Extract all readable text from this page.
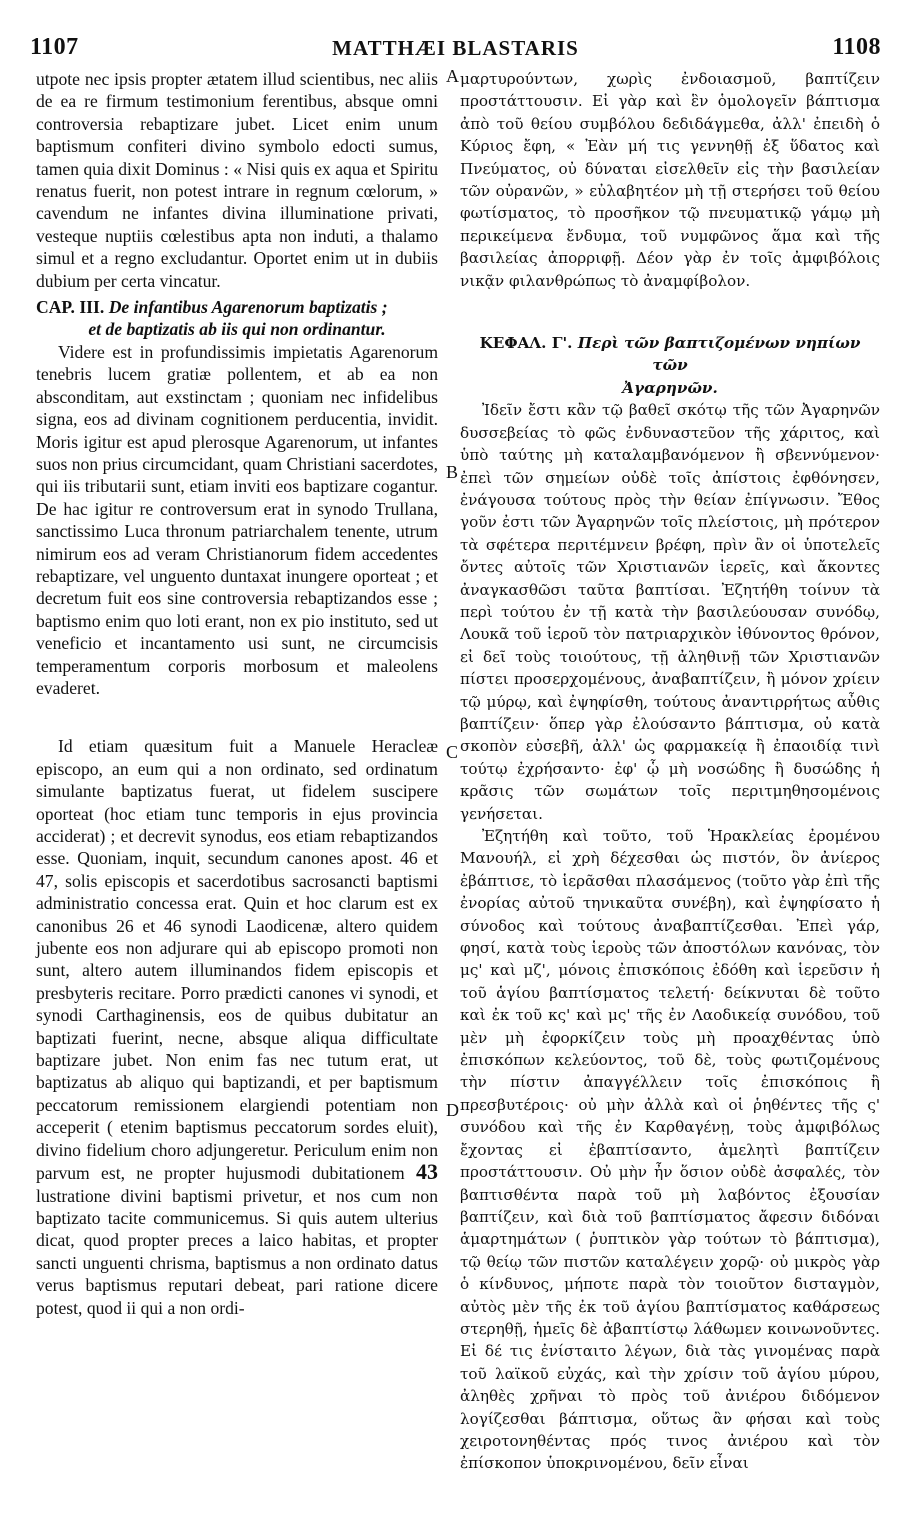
1107	MATTHÆI BLASTARIS	1108
A
B
C
D

utpote nec ipsis propter ætatem illud scientibus, nec aliis de ea re firmum testimonium ferentibus, absque omni controversia rebaptizare jubet. Licet enim unum baptismum confiteri divino symbolo edocti sumus, tamen quia dixit Dominus : « Nisi quis ex aqua et Spiritu renatus fuerit, non potest intrare in regnum cœlorum, » cavendum ne infantes divina illuminatione privati, vesteque nuptiis cœlestibus apta non induti, a thalamo simul et a regno excludantur. Oportet enim ut in dubiis dubium per certa vincatur.

CAP. III. De infantibus Agarenorum baptizatis ;
et de baptizatis ab iis qui non ordinantur.

Videre est in profundissimis impietatis Agarenorum tenebris lucem gratiæ pollentem, et ab ea non absconditam, aut exstinctam ; quoniam nec infidelibus signa, eos ad divinam cognitionem perducentia, invidit. Moris igitur est apud plerosque Agarenorum, ut infantes suos non prius circumcidant, quam Christiani sacerdotes, qui iis tributarii sunt, etiam inviti eos baptizare cogantur. De hac igitur re controversum erat in synodo Trullana, sanctissimo Luca thronum patriarchalem tenente, utrum nimirum eos ad veram Christianorum fidem accedentes rebaptizare, vel unguento duntaxat inungere oporteat ; et decretum fuit eos sine controversia rebaptizandos esse ; baptismo enim quo loti erant, non ex pio instituto, sed ut veneficio et incantamento usi sunt, ne circumcisis temperamentum corporis morbosum et maleolens evaderet.

Id etiam quæsitum fuit a Manuele Heracleæ episcopo, an eum qui a non ordinato, sed ordinatum simulante baptizatus fuerat, ut fidelem suscipere oporteat (hoc etiam tunc temporis in ejus provincia acciderat) ; et decrevit synodus, eos etiam rebaptizandos esse. Quoniam, inquit, secundum canones apost. 46 et 47, solis episcopis et sacerdotibus sacrosancti baptismi administratio concessa erat. Quin et hoc clarum est ex canonibus 26 et 46 synodi Laodicenæ, altero quidem jubente eos non adjurare qui ab episcopo promoti non sunt, altero autem illuminandos fidem episcopis et presbyteris recitare. Porro prædicti canones vi synodi, et synodi Carthaginensis, eos de quibus dubitatur an baptizati fuerint, necne, absque aliqua difficultate baptizare jubet. Non enim fas nec tutum erat, ut baptizatus ab aliquo qui baptizandi, et per baptismum peccatorum remissionem elargiendi potentiam non acceperit ( etenim baptismus peccatorum sordes eluit), divino fidelium choro adjungeretur. Periculum enim non parvum est, ne propter hujusmodi dubitationem 43 lustratione divini baptismi privetur, et nos cum non baptizato tacite communicemus. Si quis autem ulterius dicat, quod propter preces a laico habitas, et propter sancti unguenti chrisma, baptismus a non ordinato datus verus baptismus reputari debeat, pari ratione dicere potest, quod ii qui a non ordi-

μαρτυρούντων, χωρὶς ἐνδοιασμοῦ, βαπτίζειν προστάττουσιν. Εἰ γὰρ καὶ ἓν ὁμολογεῖν βάπτισμα ἀπὸ τοῦ θείου συμβόλου δεδιδάγμεθα, ἀλλ' ἐπειδὴ ὁ Κύριος ἔφη, « Ἐὰν μή τις γεννηθῇ ἐξ ὕδατος καὶ Πνεύματος, οὐ δύναται εἰσελθεῖν εἰς τὴν βασιλείαν τῶν οὐρανῶν, » εὐλαβητέον μὴ τῇ στερήσει τοῦ θείου φωτίσματος, τὸ προσῆκον τῷ πνευματικῷ γάμῳ μὴ περικείμενα ἔνδυμα, τοῦ νυμφῶνος ἅμα καὶ τῆς βασιλείας ἀπορριφῇ. Δέον γὰρ ἐν τοῖς ἀμφιβόλοις νικᾷν φιλανθρώπως τὸ ἀναμφίβολον.

ΚΕΦΑΛ. Γ'. Περὶ τῶν βαπτιζομένων νηπίων τῶν
Ἀγαρηνῶν.

Ἰδεῖν ἔστι κἂν τῷ βαθεῖ σκότῳ τῆς τῶν Ἀγαρηνῶν δυσσεβείας τὸ φῶς ἐνδυναστεῦον τῆς χάριτος, καὶ ὑπὸ ταύτης μὴ καταλαμβανόμενον ἢ σβεννύμενον· ἐπεὶ τῶν σημείων οὐδὲ τοῖς ἀπίστοις ἐφθόνησεν, ἐνάγουσα τούτους πρὸς τὴν θείαν ἐπίγνωσιν. Ἔθος γοῦν ἐστι τῶν Ἀγαρηνῶν τοῖς πλείστοις, μὴ πρότερον τὰ σφέτερα περιτέμνειν βρέφη, πρὶν ἂν οἱ ὑποτελεῖς ὄντες αὐτοῖς τῶν Χριστιανῶν ἱερεῖς, καὶ ἄκοντες ἀναγκασθῶσι ταῦτα βαπτίσαι. Ἐζητήθη τοίνυν τὰ περὶ τούτου ἐν τῇ κατὰ τὴν βασιλεύουσαν συνόδῳ, Λουκᾶ τοῦ ἱεροῦ τὸν πατριαρχικὸν ἰθύνοντος θρόνον, εἰ δεῖ τοὺς τοιούτους, τῇ ἀληθινῇ τῶν Χριστιανῶν πίστει προσερχομένους, ἀναβαπτίζειν, ἢ μόνον χρίειν τῷ μύρῳ, καὶ ἐψηφίσθη, τούτους ἀναντιρρήτως αὖθις βαπτίζειν· ὅπερ γὰρ ἐλούσαντο βάπτισμα, οὐ κατὰ σκοπὸν εὐσεβῆ, ἀλλ' ὡς φαρμακείᾳ ἢ ἐπαοιδίᾳ τινὶ τούτῳ ἐχρήσαντο· ἐφ' ᾧ μὴ νοσώδης ἢ δυσώδης ἡ κρᾶσις τῶν σωμάτων τοῖς περιτμηθησομένοις γενήσεται.

Ἐζητήθη καὶ τοῦτο, τοῦ Ἡρακλείας ἐρομένου Μανουήλ, εἰ χρὴ δέχεσθαι ὡς πιστόν, ὃν ἀνίερος ἐβάπτισε, τὸ ἱερᾶσθαι πλασάμενος (τοῦτο γὰρ ἐπὶ τῆς ἐνορίας αὐτοῦ τηνικαῦτα συνέβη), καὶ ἐψηφίσατο ἡ σύνοδος καὶ τούτους ἀναβαπτίζεσθαι. Ἐπεὶ γάρ, φησί, κατὰ τοὺς ἱεροὺς τῶν ἀποστόλων κανόνας, τὸν μς' καὶ μζ', μόνοις ἐπισκόποις ἐδόθη καὶ ἱερεῦσιν ἡ τοῦ ἁγίου βαπτίσματος τελετή· δείκνυται δὲ τοῦτο καὶ ἐκ τοῦ κς' καὶ μς' τῆς ἐν Λαοδικείᾳ συνόδου, τοῦ μὲν μὴ ἐφορκίζειν τοὺς μὴ προαχθέντας ὑπὸ ἐπισκόπων κελεύοντος, τοῦ δὲ, τοὺς φωτιζομένους τὴν πίστιν ἀπαγγέλλειν τοῖς ἐπισκόποις ἢ πρεσβυτέροις· οὐ μὴν ἀλλὰ καὶ οἱ ῥηθέντες τῆς ς' συνόδου καὶ τῆς ἐν Καρθαγένῃ, τοὺς ἀμφιβόλως ἔχοντας εἰ ἐβαπτίσαντο, ἀμελητὶ βαπτίζειν προστάττουσιν. Οὐ μὴν ἦν ὅσιον οὐδὲ ἀσφαλές, τὸν βαπτισθέντα παρὰ τοῦ μὴ λαβόντος ἐξουσίαν βαπτίζειν, καὶ διὰ τοῦ βαπτίσματος ἄφεσιν διδόναι ἁμαρτημάτων ( ῥυπτικὸν γὰρ τούτων τὸ βάπτισμα), τῷ θείῳ τῶν πιστῶν καταλέγειν χορῷ· οὐ μικρὸς γὰρ ὁ κίνδυνος, μήποτε παρὰ τὸν τοιοῦτον δισταγμὸν, αὐτὸς μὲν τῆς ἐκ τοῦ ἁγίου βαπτίσματος καθάρσεως στερηθῇ, ἡμεῖς δὲ ἀβαπτίστῳ λάθωμεν κοινωνοῦντες. Εἰ δέ τις ἐνίσταιτο λέγων, διὰ τὰς γινομένας παρὰ τοῦ λαϊκοῦ εὐχάς, καὶ τὴν χρίσιν τοῦ ἁγίου μύρου, ἀληθὲς χρῆναι τὸ πρὸς τοῦ ἀνιέρου διδόμενον λογίζεσθαι βάπτισμα, οὕτως ἂν φήσαι καὶ τοὺς χειροτονηθέντας πρός τινος ἀνιέρου καὶ τὸν ἐπίσκοπον ὑποκρινομένου, δεῖν εἶναι
